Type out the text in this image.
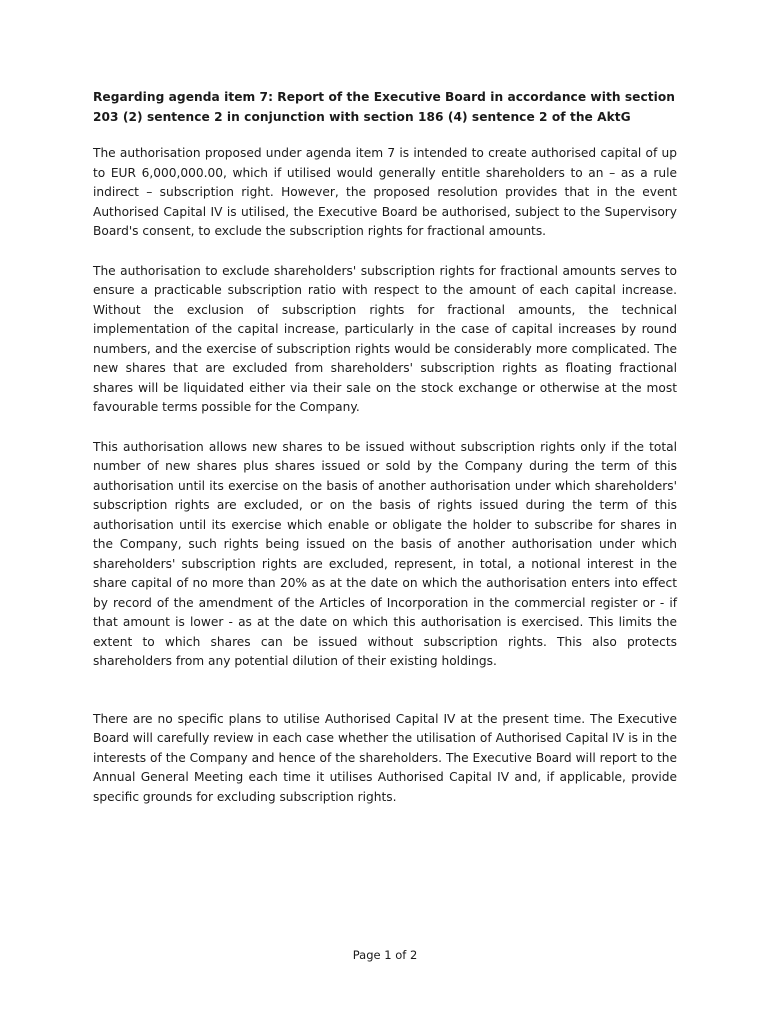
Regarding agenda item 7: Report of the Executive Board in accordance with section 203 (2) sentence 2 in conjunction with section 186 (4) sentence 2 of the AktG

The authorisation proposed under agenda item 7 is intended to create authorised capital of up to EUR 6,000,000.00, which if utilised would generally entitle shareholders to an – as a rule indirect – subscription right. However, the proposed resolution provides that in the event Authorised Capital IV is utilised, the Executive Board be authorised, subject to the Supervisory Board's consent, to exclude the subscription rights for fractional amounts.

The authorisation to exclude shareholders' subscription rights for fractional amounts serves to ensure a practicable subscription ratio with respect to the amount of each capital increase. Without the exclusion of subscription rights for fractional amounts, the technical implementation of the capital increase, particularly in the case of capital increases by round numbers, and the exercise of subscription rights would be considerably more complicated. The new shares that are excluded from shareholders' subscription rights as floating fractional shares will be liquidated either via their sale on the stock exchange or otherwise at the most favourable terms possible for the Company.

This authorisation allows new shares to be issued without subscription rights only if the total number of new shares plus shares issued or sold by the Company during the term of this authorisation until its exercise on the basis of another authorisation under which shareholders' subscription rights are excluded, or on the basis of rights issued during the term of this authorisation until its exercise which enable or obligate the holder to subscribe for shares in the Company, such rights being issued on the basis of another authorisation under which shareholders' subscription rights are excluded, represent, in total, a notional interest in the share capital of no more than 20% as at the date on which the authorisation enters into effect by record of the amendment of the Articles of Incorporation in the commercial register or - if that amount is lower - as at the date on which this authorisation is exercised. This limits the extent to which shares can be issued without subscription rights. This also protects shareholders from any potential dilution of their existing holdings.

There are no specific plans to utilise Authorised Capital IV at the present time. The Executive Board will carefully review in each case whether the utilisation of Authorised Capital IV is in the interests of the Company and hence of the shareholders. The Executive Board will report to the Annual General Meeting each time it utilises Authorised Capital IV and, if applicable, provide specific grounds for excluding subscription rights.

Page 1 of 2
